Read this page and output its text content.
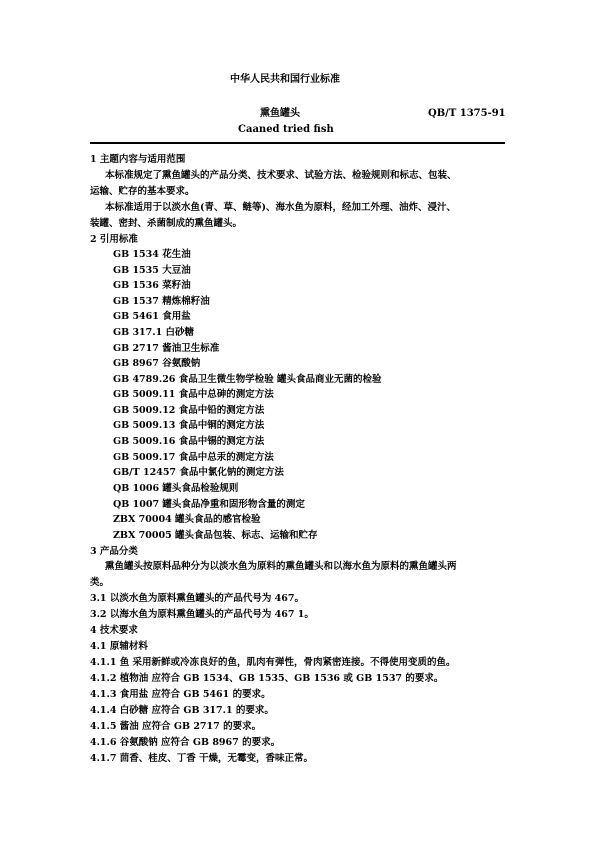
中华人民共和国行业标准
熏鱼罐头	QB/T 1375-91
Caaned tried fish
1 主题内容与适用范围
本标准规定了熏鱼罐头的产品分类、技术要求、试验方法、检验规则和标志、包装、
运输、贮存的基本要求。
本标准适用于以淡水鱼(青、草、鲢等)、海水鱼为原料，经加工外理、油炸、浸汁、
装罐、密封、杀菌制成的熏鱼罐头。
2 引用标准
GB 1534 花生油
GB 1535 大豆油
GB 1536 菜籽油
GB 1537 精炼棉籽油
GB 5461 食用盐
GB 317.1 白砂糖
GB 2717 酱油卫生标准
GB 8967 谷氨酸钠
GB 4789.26 食品卫生微生物学检验 罐头食品商业无菌的检验
GB 5009.11 食品中总砷的测定方法
GB 5009.12 食品中铅的测定方法
GB 5009.13 食品中铜的测定方法
GB 5009.16 食品中锡的测定方法
GB 5009.17 食品中总汞的测定方法
GB/T 12457 食品中氯化钠的测定方法
QB 1006 罐头食品检验规则
QB 1007 罐头食品净重和固形物含量的测定
ZBX 70004 罐头食品的感官检验
ZBX 70005 罐头食品包装、标志、运输和贮存
3 产品分类
熏鱼罐头按原料品种分为以淡水鱼为原料的熏鱼罐头和以海水鱼为原料的熏鱼罐头两
类。
3.1 以淡水鱼为原料熏鱼罐头的产品代号为 467。
3.2 以海水鱼为原料熏鱼罐头的产品代号为 467 1。
4 技术要求
4.1 原辅材料
4.1.1 鱼 采用新鲜或冷冻良好的鱼，肌肉有弹性，骨肉紧密连接。不得使用变质的鱼。
4.1.2 植物油 应符合 GB 1534、GB 1535、GB 1536 或 GB 1537 的要求。
4.1.3 食用盐 应符合 GB 5461 的要求。
4.1.4 白砂糖 应符合 GB 317.1 的要求。
4.1.5 酱油 应符合 GB 2717 的要求。
4.1.6 谷氨酸钠 应符合 GB 8967 的要求。
4.1.7 茴香、桂皮、丁香 干燥，无霉变，香味正常。
